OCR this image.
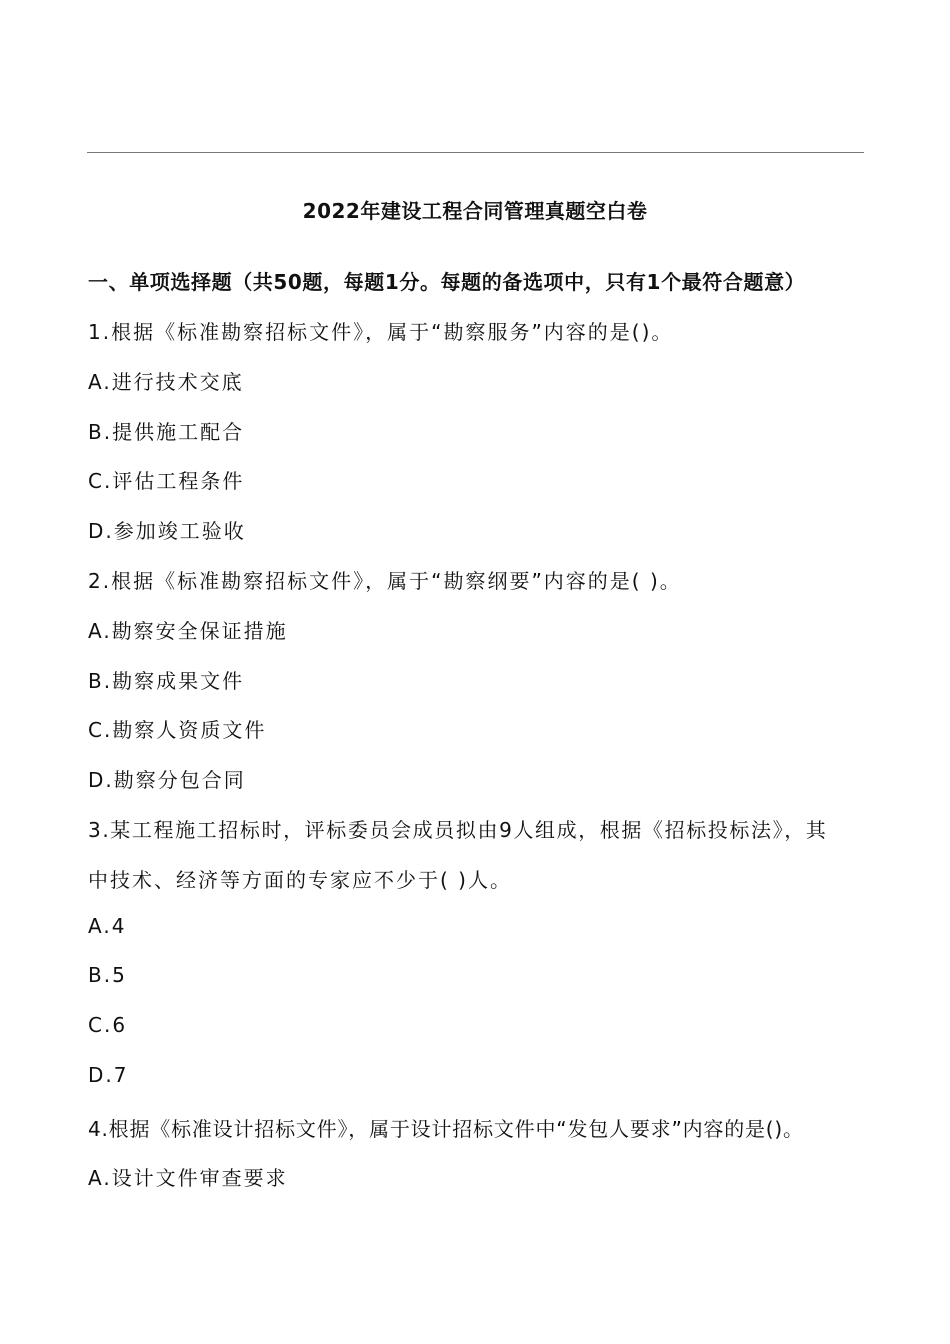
2022年建设工程合同管理真题空白卷
一、单项选择题（共50题，每题1分。每题的备选项中，只有1个最符合题意）
1.根据《标准勘察招标文件》，属于“勘察服务”内容的是()。
A.进行技术交底
B.提供施工配合
C.评估工程条件
D.参加竣工验收
2.根据《标准勘察招标文件》，属于“勘察纲要”内容的是( )。
A.勘察安全保证措施
B.勘察成果文件
C.勘察人资质文件
D.勘察分包合同
3.某工程施工招标时，评标委员会成员拟由9人组成，根据《招标投标法》，其
中技术、经济等方面的专家应不少于( )人。
A.4
B.5
C.6
D.7
4.根据《标准设计招标文件》，属于设计招标文件中“发包人要求”内容的是()。
A.设计文件审查要求
